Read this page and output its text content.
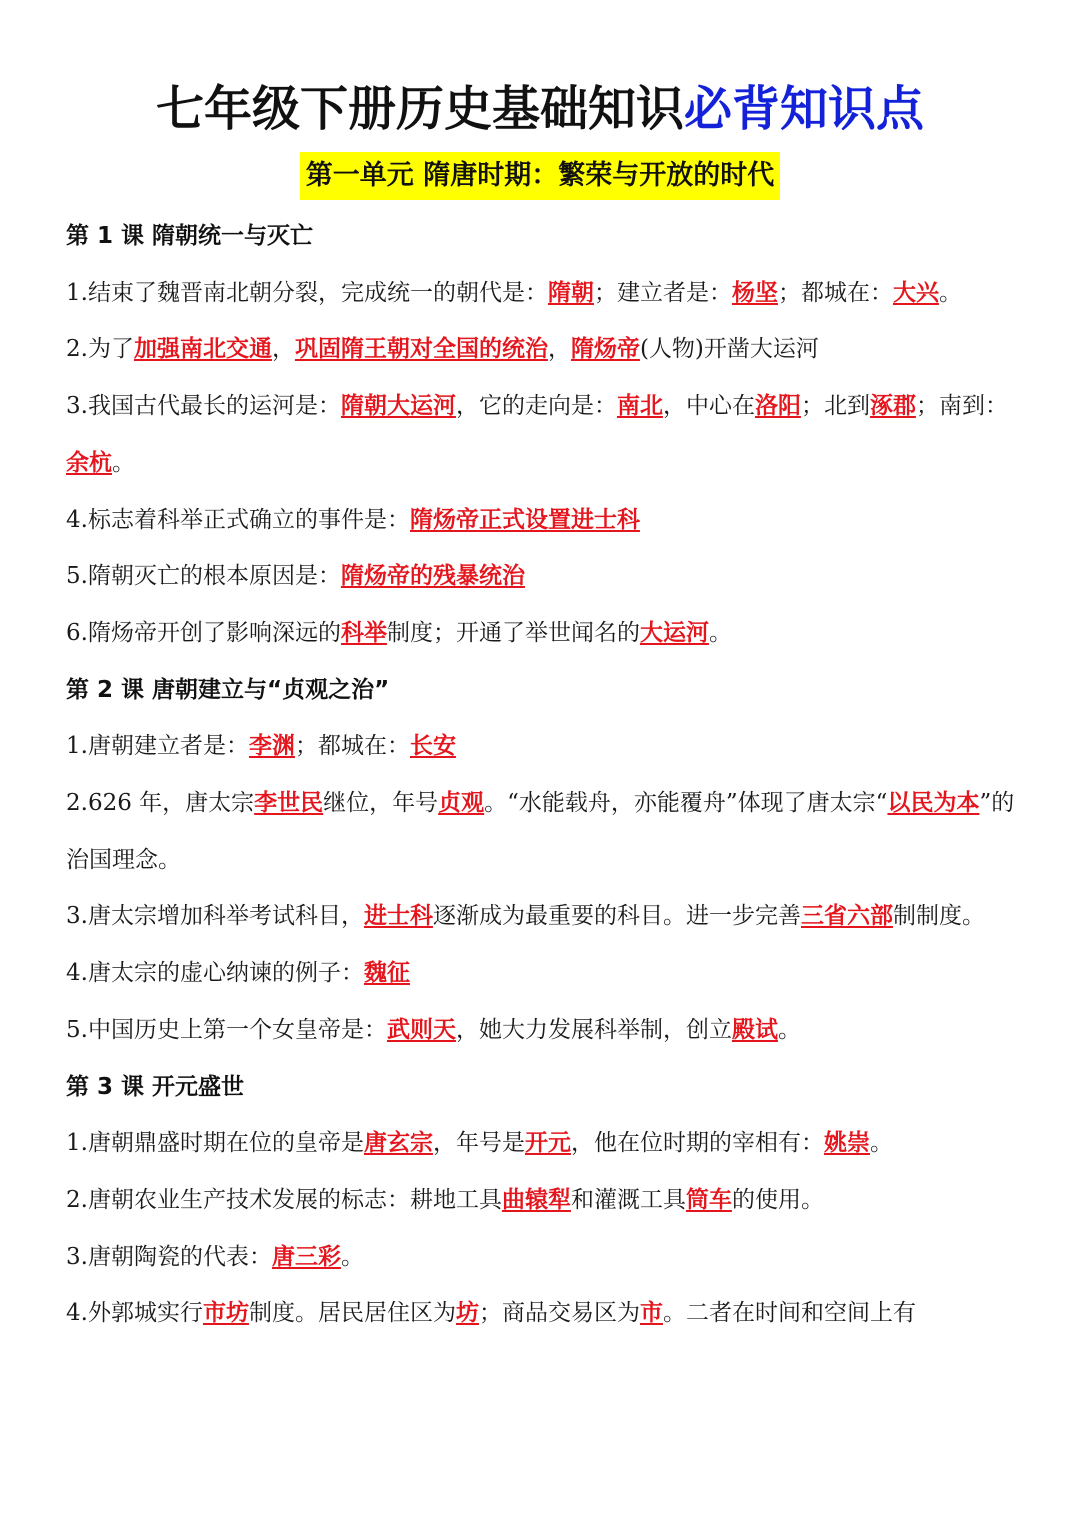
七年级下册历史基础知识必背知识点
第一单元 隋唐时期：繁荣与开放的时代
第 1 课 隋朝统一与灭亡

1.结束了魏晋南北朝分裂，完成统一的朝代是：隋朝；建立者是：杨坚；都城在：大兴。

2.为了加强南北交通，巩固隋王朝对全国的统治，隋炀帝(人物)开凿大运河

3.我国古代最长的运河是：隋朝大运河，它的走向是：南北，中心在洛阳；北到涿郡；南到：余杭。

4.标志着科举正式确立的事件是：隋炀帝正式设置进士科

5.隋朝灭亡的根本原因是：隋炀帝的残暴统治

6.隋炀帝开创了影响深远的科举制度；开通了举世闻名的大运河。

第 2 课 唐朝建立与“贞观之治”

1.唐朝建立者是：李渊；都城在：长安

2.626 年，唐太宗李世民继位，年号贞观。“水能载舟，亦能覆舟”体现了唐太宗“以民为本”的治国理念。

3.唐太宗增加科举考试科目，进士科逐渐成为最重要的科目。进一步完善三省六部制制度。

4.唐太宗的虚心纳谏的例子：魏征

5.中国历史上第一个女皇帝是：武则天，她大力发展科举制，创立殿试。

第 3 课 开元盛世

1.唐朝鼎盛时期在位的皇帝是唐玄宗，年号是开元，他在位时期的宰相有：姚崇。

2.唐朝农业生产技术发展的标志：耕地工具曲辕犁和灌溉工具筒车的使用。

3.唐朝陶瓷的代表：唐三彩。

4.外郭城实行市坊制度。居民居住区为坊；商品交易区为市。二者在时间和空间上有
